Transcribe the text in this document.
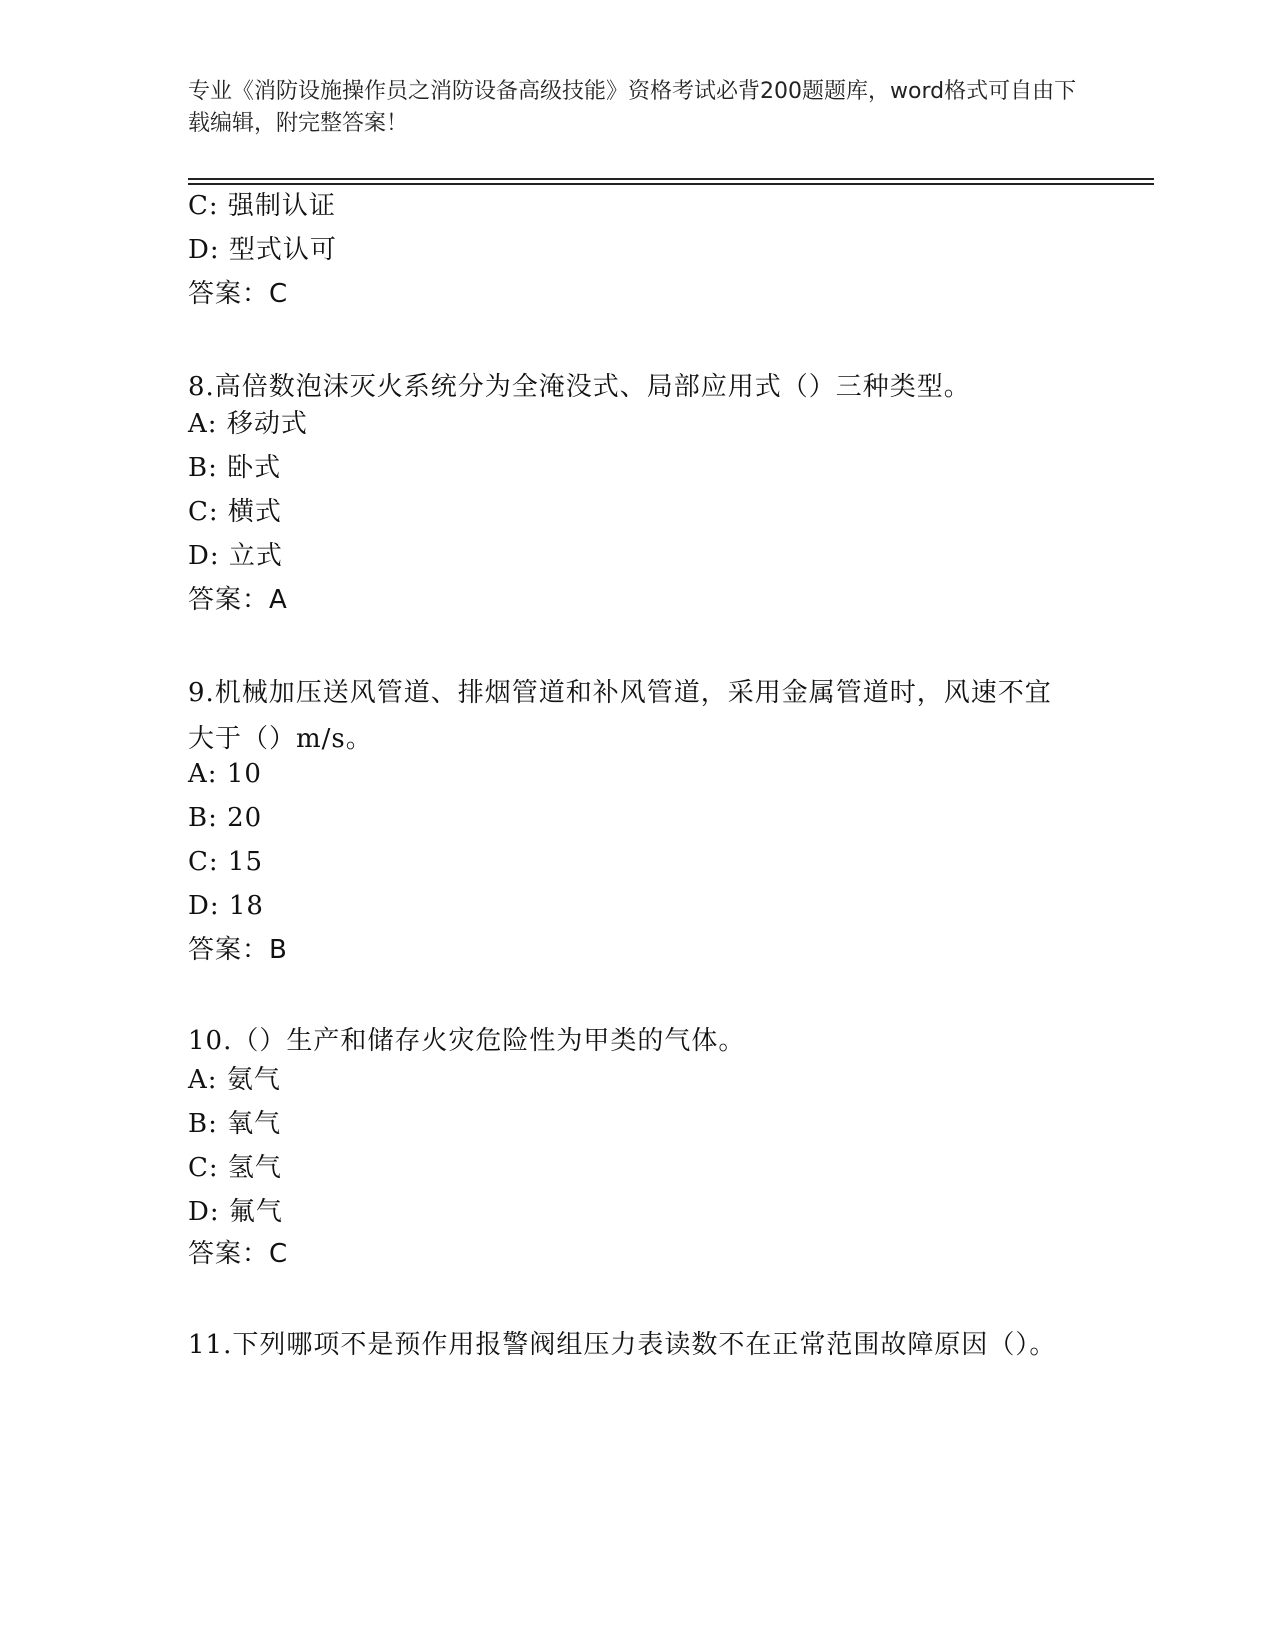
专业《消防设施操作员之消防设备高级技能》资格考试必背200题题库，word格式可自由下载编辑，附完整答案！
C: 强制认证
D: 型式认可
答案：C
8.高倍数泡沫灭火系统分为全淹没式、局部应用式（）三种类型。
A: 移动式
B: 卧式
C: 横式
D: 立式
答案：A
9.机械加压送风管道、排烟管道和补风管道，采用金属管道时，风速不宜大于（）m/s。
A: 10
B: 20
C: 15
D: 18
答案：B
10.（）生产和储存火灾危险性为甲类的气体。
A: 氨气
B: 氧气
C: 氢气
D: 氟气
答案：C
11.下列哪项不是预作用报警阀组压力表读数不在正常范围故障原因（）。
